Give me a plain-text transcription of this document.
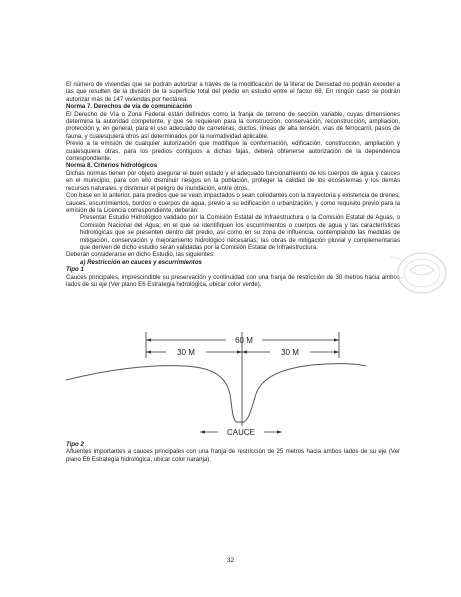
El número de viviendas que se podrán autorizar a través de la modificación de la literal de Densidad no podrán exceder a las que resulten de la división de la superficie total del predio en estudio entre el factor 68. En ningún caso se podrán autorizar más de 147 viviendas por hectárea.

Norma 7. Derechos de vía de comunicación

El Derecho de Vía o Zona Federal están definidos como la franja de terreno de sección variable, cuyas dimensiones determina la autoridad competente, y que se requieren para la construcción, conservación, reconstrucción, ampliación, protección y, en general, para el uso adecuado de carreteras, ductos, líneas de alta tensión, vías de ferrocarril, pasos de fauna, y cualesquiera otros así determinados por la normatividad aplicable.

Previo a la emisión de cualquier autorización que modifique la conformación, edificación, construcción, ampliación y cualesquiera otras, para los predios contiguos a dichas fajas, deberá obtenerse autorización de la dependencia correspondiente.

Norma 8. Criterios hidrológicos

Dichas normas tienen por objeto asegurar el buen estado y el adecuado funcionamiento de los cuerpos de agua y cauces en el municipio, para con ello disminuir riesgos en la población, proteger la calidad de los ecosistemas y los demás recursos naturales, y disminuir el peligro de inundación, entre otros.

Con base en lo anterior, para predios que se vean impactados o sean colindantes con la trayectoria y existencia de drenes, cauces, escurrimientos, bordos o cuerpos de agua, previo a su edificación o urbanización, y como requisito previo para la emisión de la Licencia correspondiente, deberán:

Presentar Estudio Hidrológico validado por la Comisión Estatal de Infraestructura o la Comisión Estatal de Aguas, o Comisión Nacional del Agua; en el que se identifiquen los escurrimientos o cuerpos de agua y las características hidrológicas que se presenten dentro del predio, así como en su zona de influencia, contemplando las medidas de mitigación, conservación y mejoramiento hidrológico necesarias; las obras de mitigación pluvial y complementarias que deriven de dicho estudio serán validadas por la Comisión Estatal de Infraestructura.

Deberán considerarse en dicho Estudio, las siguientes:

a) Restricción en cauces y escurrimientos

Tipo 1

Cauces principales, imprescindible su preservación y continuidad con una franja de restricción de 30 metros hacia ambos lados de su eje (Ver plano E6 Estrategia hidrológica, ubicar color verde).

60 M
30 M	30 M
CAUCE

Tipo 2

Afluentes importantes a cauces principales con una franja de restricción de 25 metros hacia ambos lados de su eje (Ver plano E6 Estrategia hidrológica, ubicar color naranja).

32
